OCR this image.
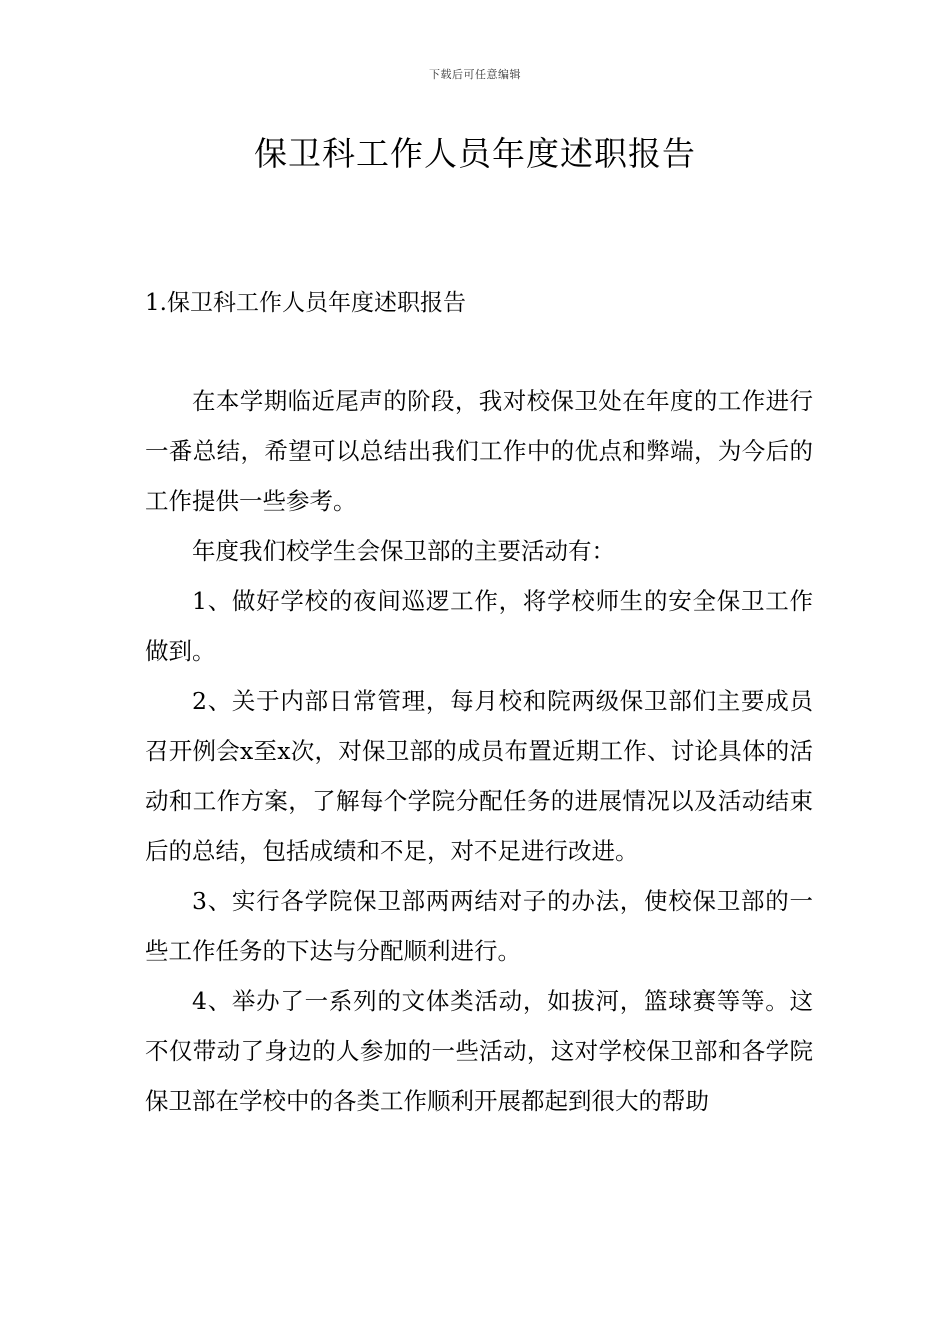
下载后可任意编辑
保卫科工作人员年度述职报告
1.保卫科工作人员年度述职报告

在本学期临近尾声的阶段，我对校保卫处在年度的工作进行一番总结，希望可以总结出我们工作中的优点和弊端，为今后的工作提供一些参考。

年度我们校学生会保卫部的主要活动有：

1、做好学校的夜间巡逻工作，将学校师生的安全保卫工作做到。

2、关于内部日常管理，每月校和院两级保卫部们主要成员召开例会x至x次，对保卫部的成员布置近期工作、讨论具体的活动和工作方案，了解每个学院分配任务的进展情况以及活动结束后的总结，包括成绩和不足，对不足进行改进。

3、实行各学院保卫部两两结对子的办法，使校保卫部的一些工作任务的下达与分配顺利进行。

4、举办了一系列的文体类活动，如拔河，篮球赛等等。这不仅带动了身边的人参加的一些活动，这对学校保卫部和各学院保卫部在学校中的各类工作顺利开展都起到很大的帮助
